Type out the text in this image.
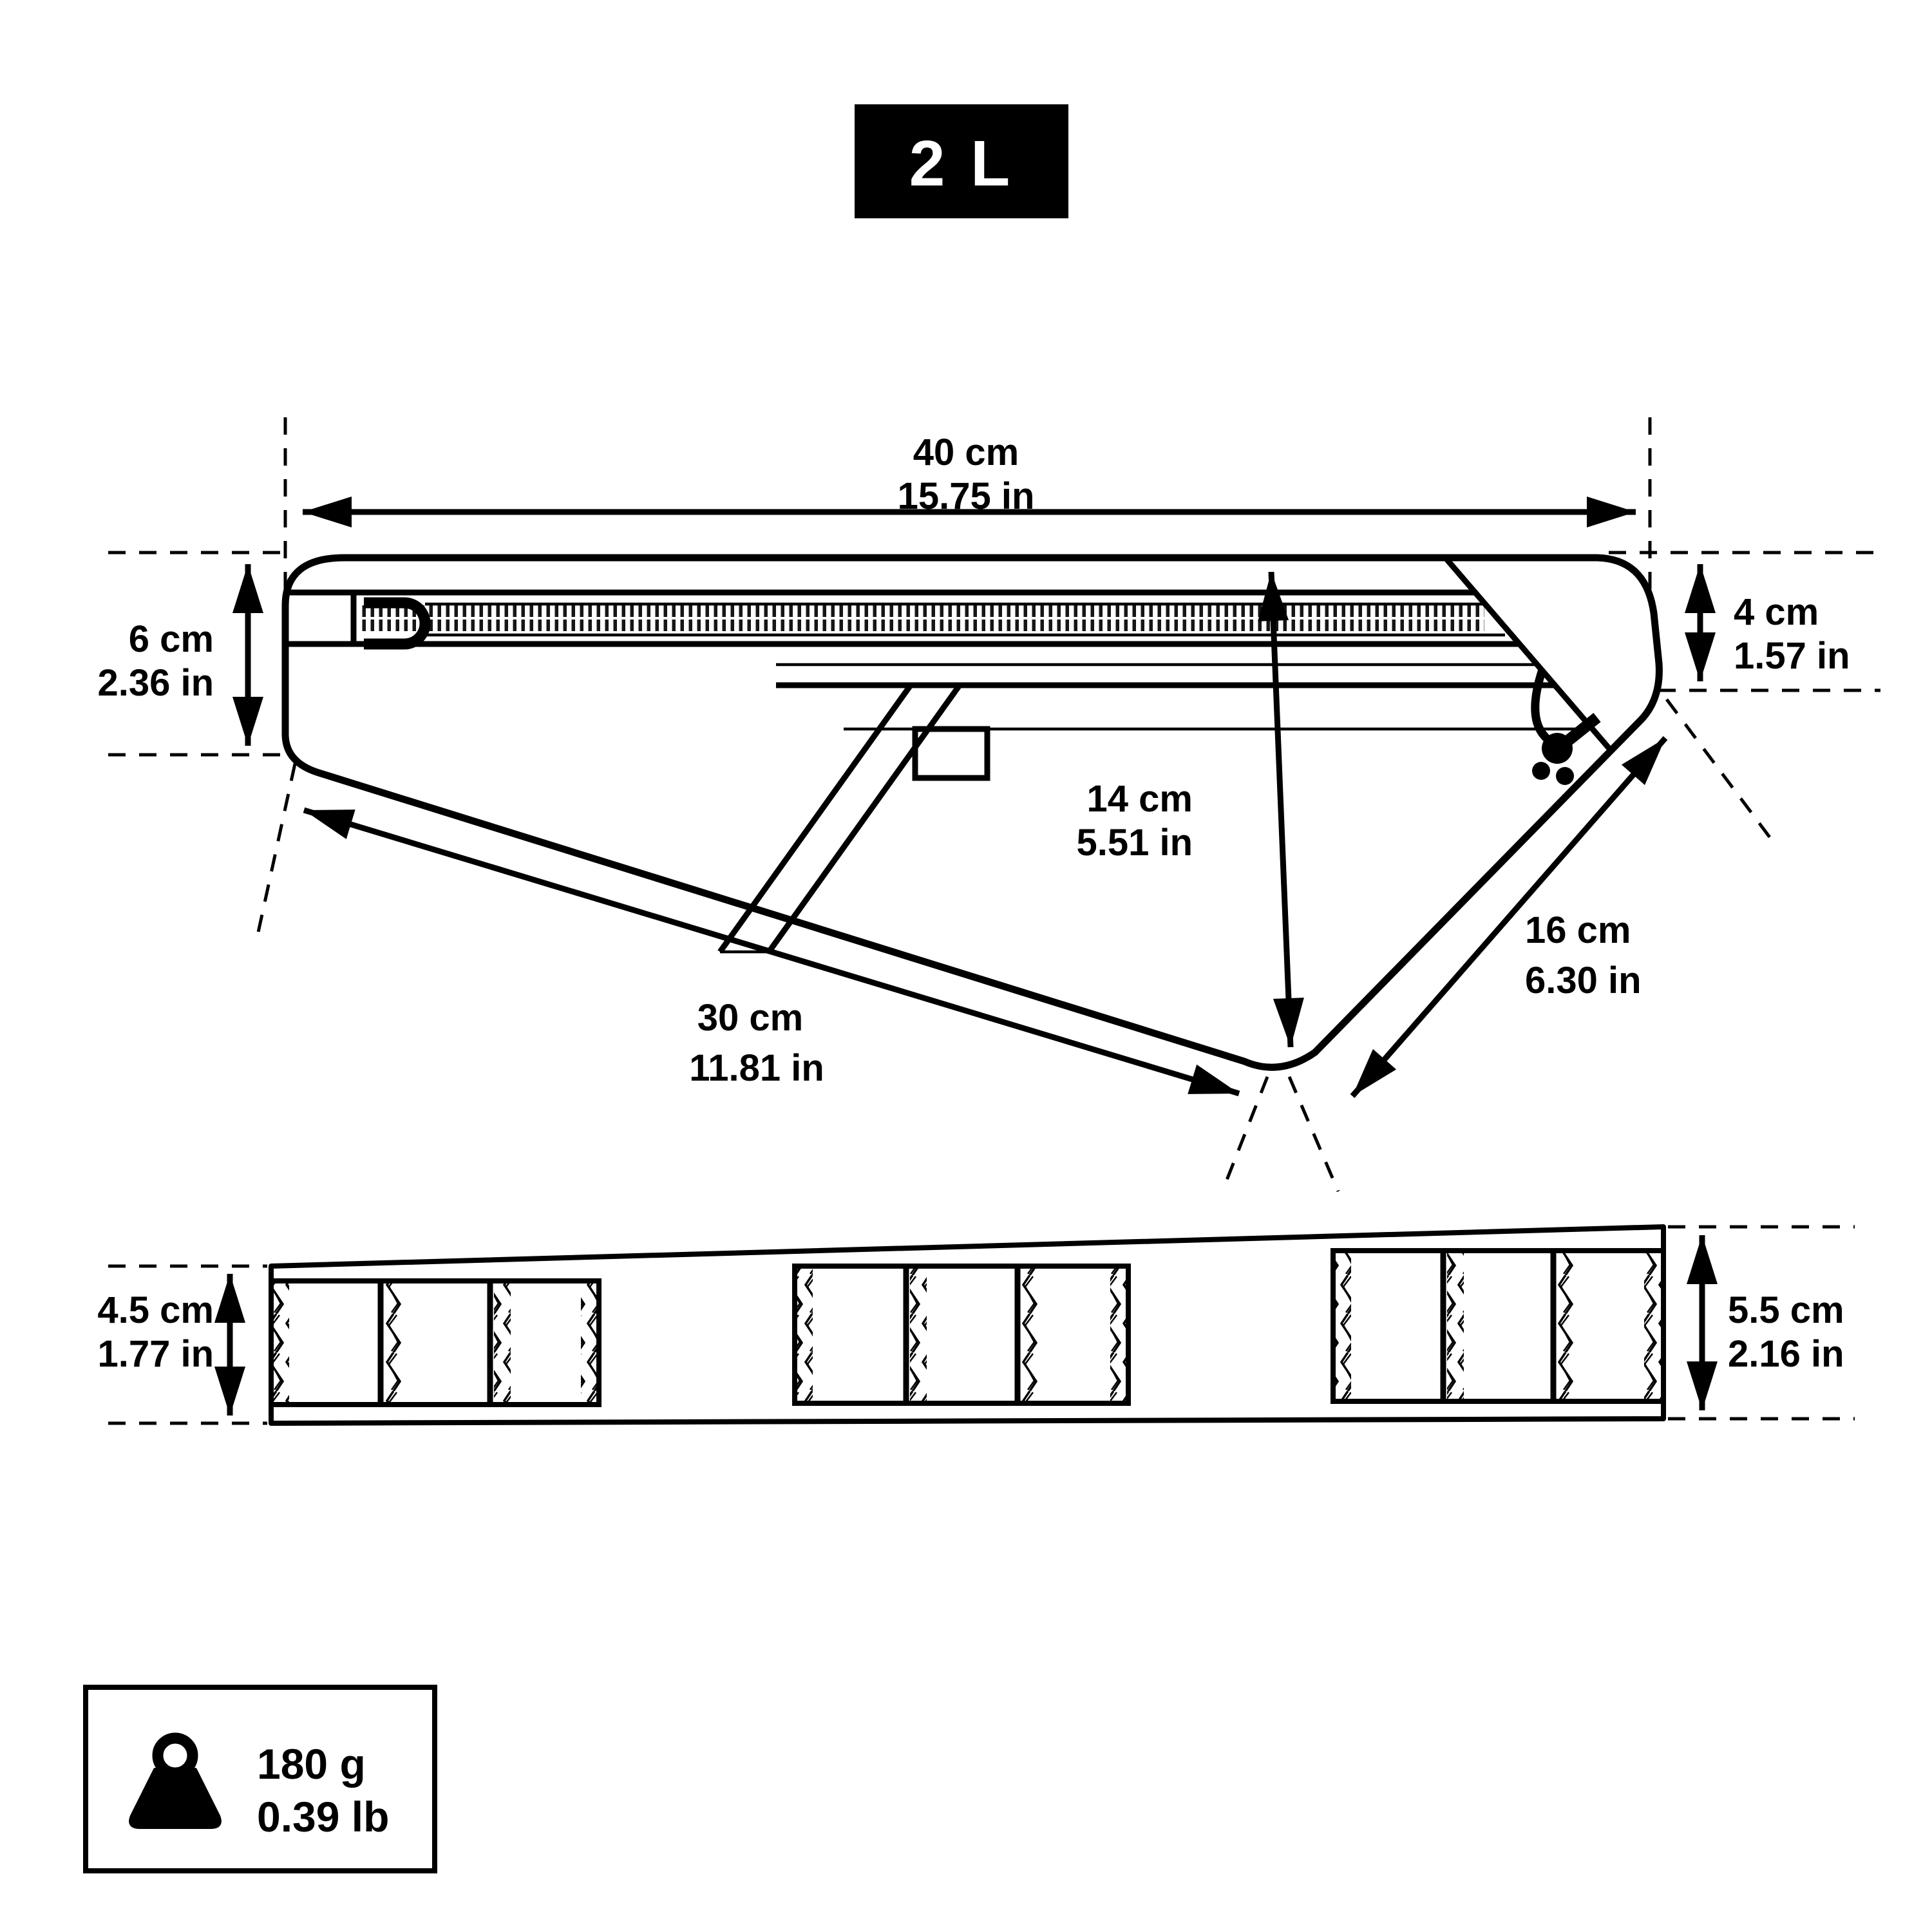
2 L
40 cm
15.75 in
6 cm
2.36 in
4 cm
1.57 in
14 cm
5.51 in
30 cm
11.81 in
16 cm
6.30 in
4.5 cm
1.77 in
5.5 cm
2.16 in
180 g
0.39 lb
